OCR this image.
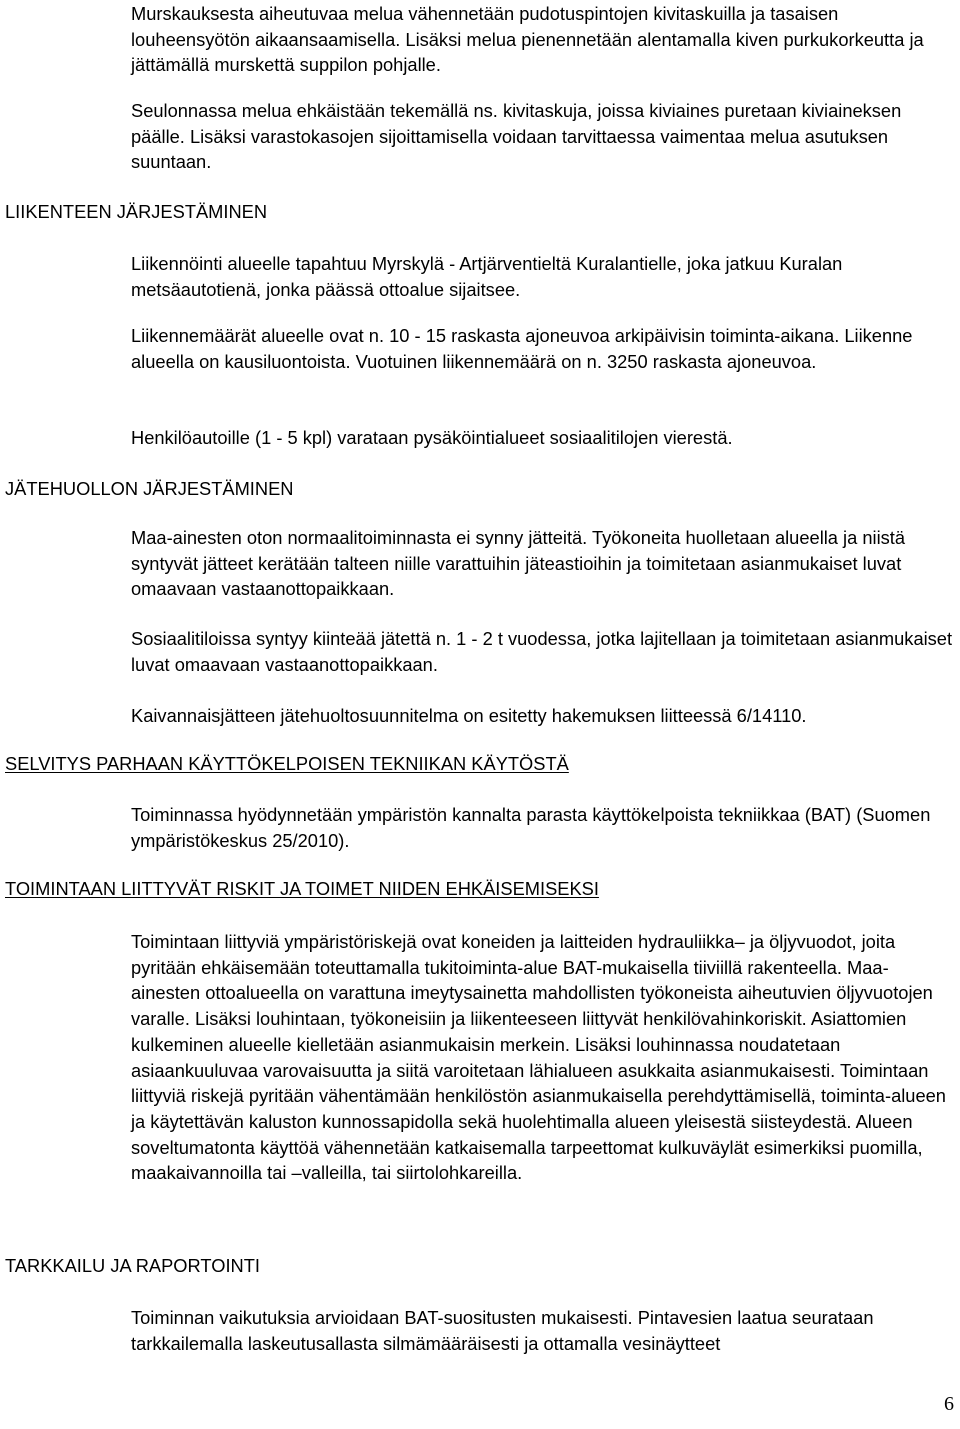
Murskauksesta aiheutuvaa melua vähennetään pudotuspintojen kivitaskuilla ja tasaisen louheensyötön aikaansaamisella. Lisäksi melua pienennetään alentamalla kiven purkukorkeutta ja jättämällä murskettä suppilon pohjalle.

Seulonnassa melua ehkäistään tekemällä ns. kivitaskuja, joissa kiviaines puretaan kiviaineksen päälle. Lisäksi varastokasojen sijoittamisella voidaan tarvittaessa vaimentaa melua asutuksen suuntaan.

LIIKENTEEN JÄRJESTÄMINEN

Liikennöinti alueelle tapahtuu Myrskylä - Artjärventieltä Kuralantielle, joka jatkuu Kuralan metsäautotienä, jonka päässä ottoalue sijaitsee.

Liikennemäärät alueelle ovat n. 10 - 15 raskasta ajoneuvoa arkipäivisin toiminta-aikana. Liikenne alueella on kausiluontoista. Vuotuinen liikennemäärä on n. 3250 raskasta ajoneuvoa.

Henkilöautoille (1 - 5 kpl) varataan pysäköintialueet sosiaalitilojen vierestä.

JÄTEHUOLLON JÄRJESTÄMINEN

Maa-ainesten oton normaalitoiminnasta ei synny jätteitä. Työkoneita huolletaan alueella ja niistä syntyvät jätteet kerätään talteen niille varattuihin jäteastioihin ja toimitetaan asianmukaiset luvat omaavaan vastaanottopaikkaan.

Sosiaalitiloissa syntyy kiinteää jätettä n. 1 - 2 t vuodessa, jotka lajitellaan ja toimitetaan asianmukaiset luvat omaavaan vastaanottopaikkaan.

Kaivannaisjätteen jätehuoltosuunnitelma on esitetty hakemuksen liitteessä 6/14110.

SELVITYS PARHAAN KÄYTTÖKELPOISEN TEKNIIKAN KÄYTÖSTÄ

Toiminnassa hyödynnetään ympäristön kannalta parasta käyttökelpoista tekniikkaa (BAT) (Suomen ympäristökeskus 25/2010).

TOIMINTAAN LIITTYVÄT RISKIT JA TOIMET NIIDEN EHKÄISEMISEKSI

Toimintaan liittyviä ympäristöriskejä ovat koneiden ja laitteiden hydrauliikka– ja öljyvuodot, joita pyritään ehkäisemään toteuttamalla tukitoiminta-alue BAT-mukaisella tiiviillä rakenteella. Maa-ainesten ottoalueella on varattuna imeytysainetta mahdollisten työkoneista aiheutuvien öljyvuotojen varalle. Lisäksi louhintaan, työkoneisiin ja liikenteeseen liittyvät henkilövahinkoriskit. Asiattomien kulkeminen alueelle kielletään asianmukaisin merkein. Lisäksi louhinnassa noudatetaan asiaankuuluvaa varovaisuutta ja siitä varoitetaan lähialueen asukkaita asianmukaisesti. Toimintaan liittyviä riskejä pyritään vähentämään henkilöstön asianmukaisella perehdyttämisellä, toiminta-alueen ja käytettävän kaluston kunnossapidolla sekä huolehtimalla alueen yleisestä siisteydestä. Alueen soveltumatonta käyttöä vähennetään katkaisemalla tarpeettomat kulkuväylät esimerkiksi puomilla, maakaivannoilla tai –valleilla, tai siirtolohkareilla.

TARKKAILU JA RAPORTOINTI

Toiminnan vaikutuksia arvioidaan BAT-suositusten mukaisesti. Pintavesien laatua seurataan tarkkailemalla laskeutusallasta silmämääräisesti ja ottamalla vesinäytteet

6
